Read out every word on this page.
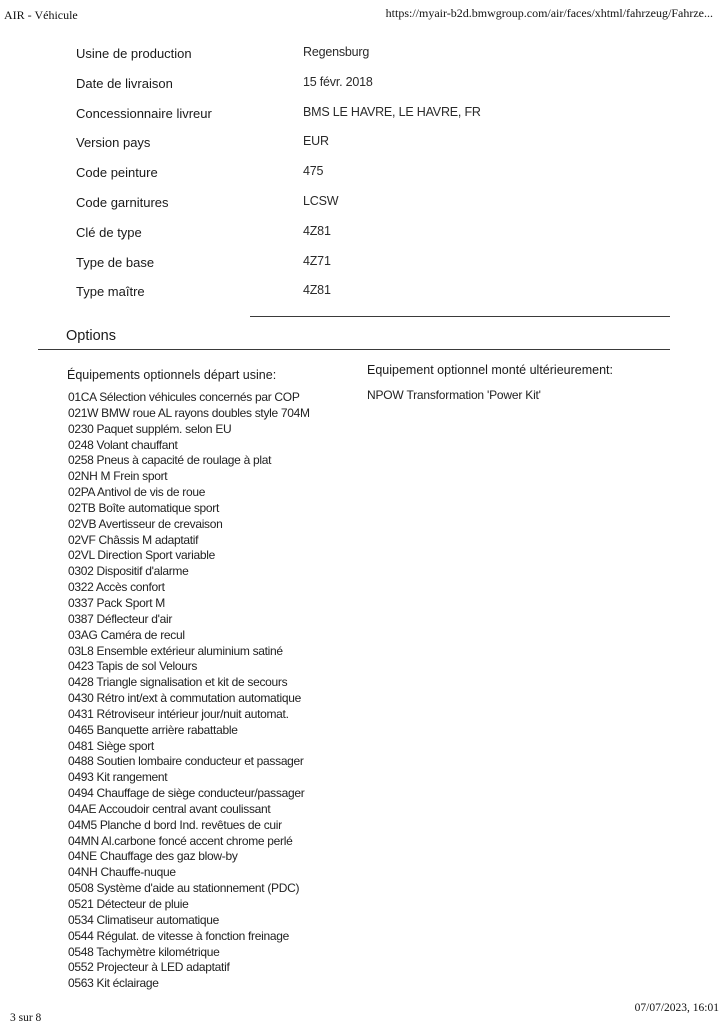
AIR - Véhicule	https://myair-b2d.bmwgroup.com/air/faces/xhtml/fahrzeug/Fahrze...
Usine de production	Regensburg
Date de livraison	15 févr. 2018
Concessionnaire livreur	BMS LE HAVRE, LE HAVRE, FR
Version pays	EUR
Code peinture	475
Code garnitures	LCSW
Clé de type	4Z81
Type de base	4Z71
Type maître	4Z81
Options
Équipements optionnels départ usine:	Equipement optionnel monté ultérieurement:
NPOW Transformation 'Power Kit'
01CA Sélection véhicules concernés par COP
021W BMW roue AL rayons doubles style 704M
0230 Paquet supplém. selon EU
0248 Volant chauffant
0258 Pneus à capacité de roulage à plat
02NH M Frein sport
02PA Antivol de vis de roue
02TB Boîte automatique sport
02VB Avertisseur de crevaison
02VF Châssis M adaptatif
02VL Direction Sport variable
0302 Dispositif d'alarme
0322 Accès confort
0337 Pack Sport M
0387 Déflecteur d'air
03AG Caméra de recul
03L8 Ensemble extérieur aluminium satiné
0423 Tapis de sol Velours
0428 Triangle signalisation et kit de secours
0430 Rétro int/ext à commutation automatique
0431 Rétroviseur intérieur jour/nuit automat.
0465 Banquette arrière rabattable
0481 Siège sport
0488 Soutien lombaire conducteur et passager
0493 Kit rangement
0494 Chauffage de siège conducteur/passager
04AE Accoudoir central avant coulissant
04M5 Planche d bord Ind. revêtues de cuir
04MN Al.carbone foncé accent chrome perlé
04NE Chauffage des gaz blow-by
04NH Chauffe-nuque
0508 Système d'aide au stationnement (PDC)
0521 Détecteur de pluie
0534 Climatiseur automatique
0544 Régulat. de vitesse à fonction freinage
0548 Tachymètre kilométrique
0552 Projecteur à LED adaptatif
0563 Kit éclairage
3 sur 8
07/07/2023, 16:01
